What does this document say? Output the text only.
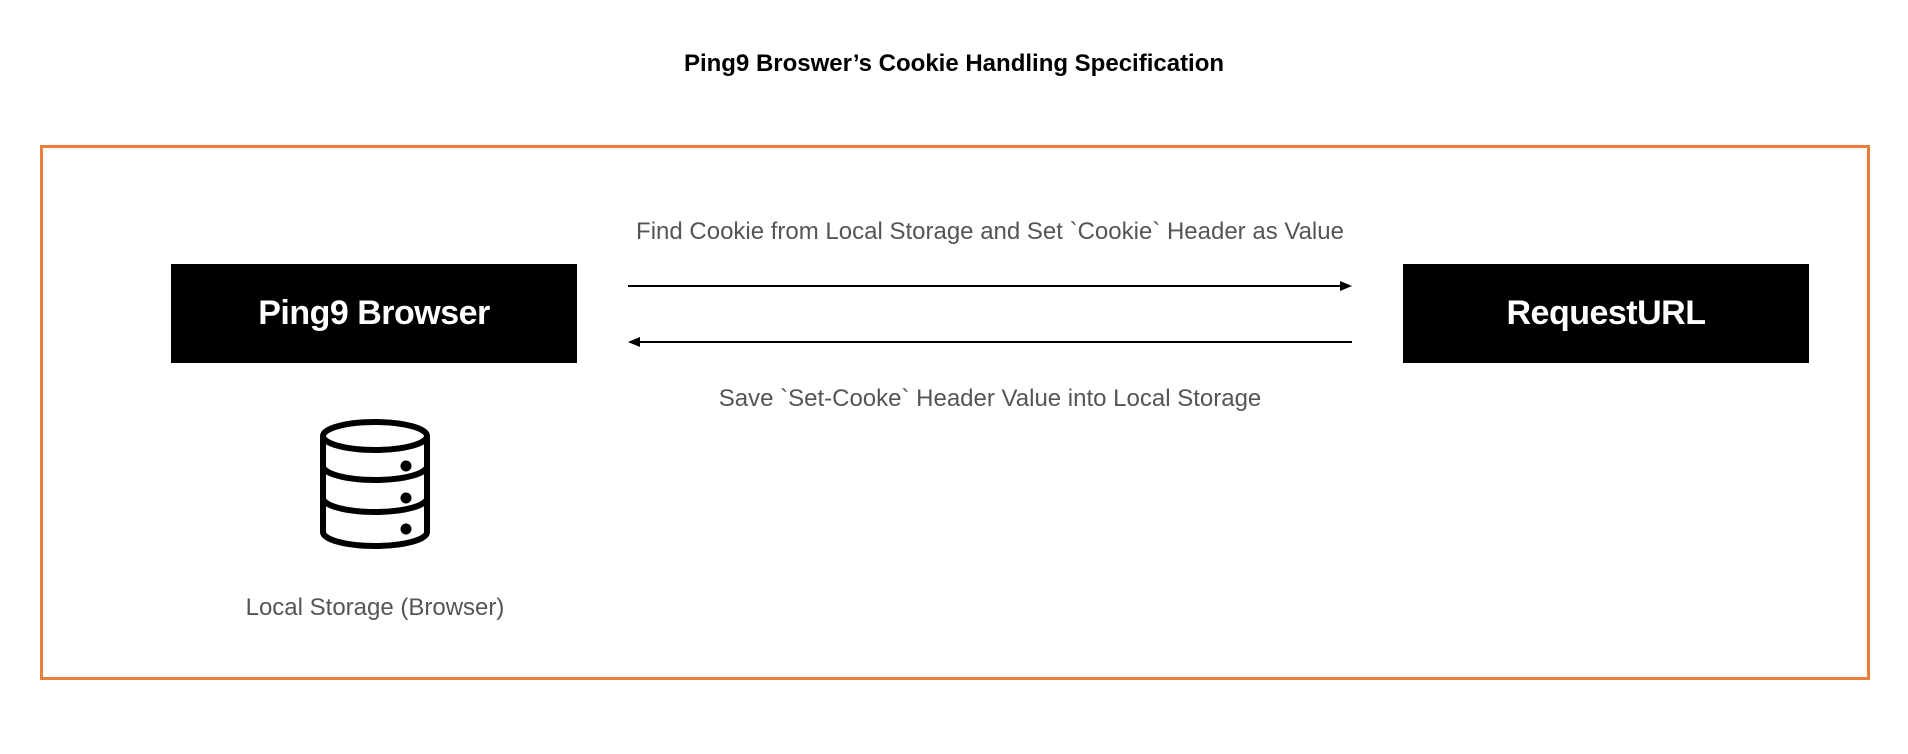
Ping9 Broswer’s Cookie Handling Specification
Ping9 Browser	RequestURL
Find Cookie from Local Storage and Set `Cookie` Header as Value
Save `Set-Cooke` Header Value into Local Storage
Local Storage (Browser)
